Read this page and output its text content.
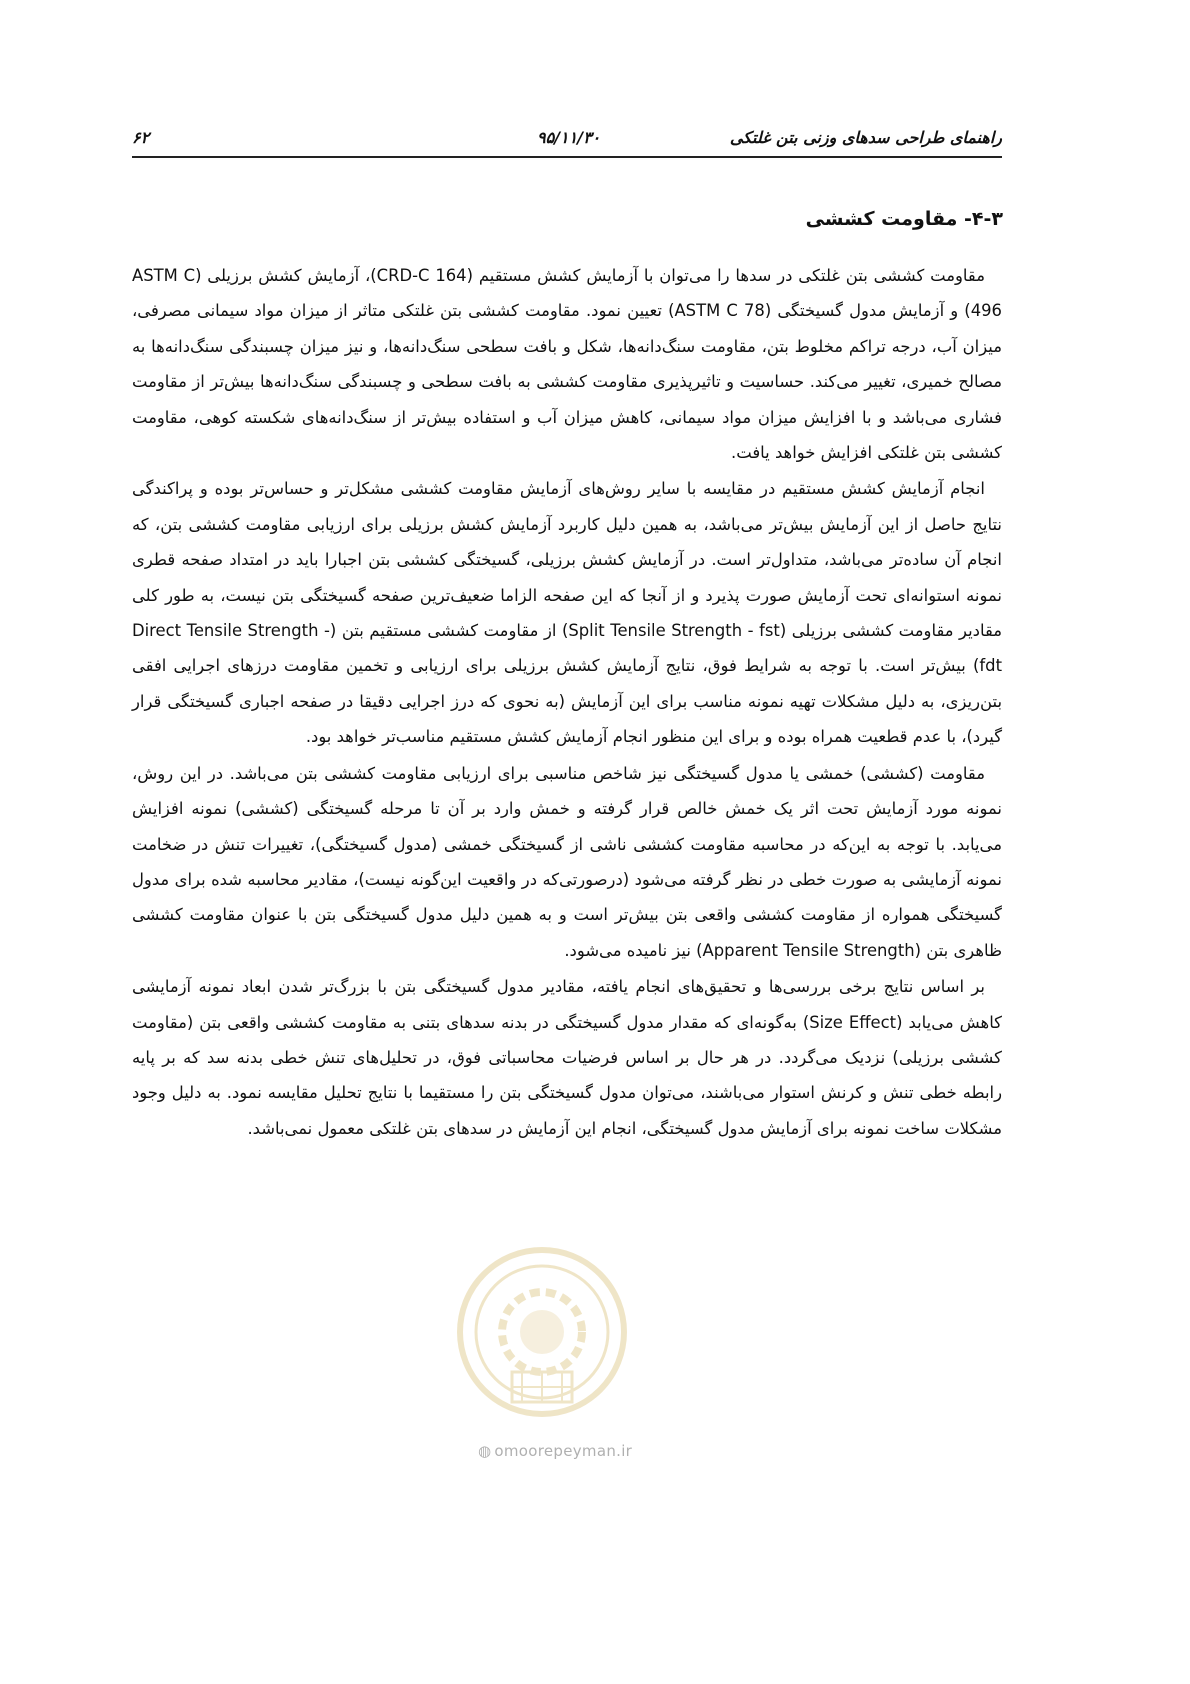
راهنمای طراحی سدهای وزنی بتن غلتکی
۹۵/۱۱/۳۰
۶۲
۴-۳- مقاومت کششی

مقاومت کششی بتن غلتکی در سدها را می‌توان با آزمایش کشش مستقیم (CRD-C 164)، آزمایش کشش برزیلی (ASTM C 496) و آزمایش مدول گسیختگی (ASTM C 78) تعیین نمود. مقاومت کششی بتن غلتکی متاثر از میزان مواد سیمانی مصرفی، میزان آب، درجه تراکم مخلوط بتن، مقاومت سنگ‌دانه‌ها، شکل و بافت سطحی سنگ‌دانه‌ها، و نیز میزان چسبندگی سنگ‌دانه‌ها به مصالح خمیری، تغییر می‌کند. حساسیت و تاثیرپذیری مقاومت کششی به بافت سطحی و چسبندگی سنگ‌دانه‌ها بیش‌تر از مقاومت فشاری می‌باشد و با افزایش میزان مواد سیمانی، کاهش میزان آب و استفاده بیش‌تر از سنگ‌دانه‌های شکسته کوهی، مقاومت کششی بتن غلتکی افزایش خواهد یافت.

انجام آزمایش کشش مستقیم در مقایسه با سایر روش‌های آزمایش مقاومت کششی مشکل‌تر و حساس‌تر بوده و پراکندگی نتایج حاصل از این آزمایش بیش‌تر می‌باشد، به همین دلیل کاربرد آزمایش کشش برزیلی برای ارزیابی مقاومت کششی بتن، که انجام آن ساده‌تر می‌باشد، متداول‌تر است. در آزمایش کشش برزیلی، گسیختگی کششی بتن اجبارا باید در امتداد صفحه قطری نمونه استوانه‌ای تحت آزمایش صورت پذیرد و از آنجا که این صفحه الزاما ضعیف‌ترین صفحه گسیختگی بتن نیست، به طور کلی مقادیر مقاومت کششی برزیلی (Split Tensile Strength - fst) از مقاومت کششی مستقیم بتن (Direct Tensile Strength - fdt) بیش‌تر است. با توجه به شرایط فوق، نتایج آزمایش کشش برزیلی برای ارزیابی و تخمین مقاومت درزهای اجرایی افقی بتن‌ریزی، به دلیل مشکلات تهیه نمونه مناسب برای این آزمایش (به نحوی که درز اجرایی دقیقا در صفحه اجباری گسیختگی قرار گیرد)، با عدم قطعیت همراه بوده و برای این منظور انجام آزمایش کشش مستقیم مناسب‌تر خواهد بود.

مقاومت (کششی) خمشی یا مدول گسیختگی نیز شاخص مناسبی برای ارزیابی مقاومت کششی بتن می‌باشد. در این روش، نمونه مورد آزمایش تحت اثر یک خمش خالص قرار گرفته و خمش وارد بر آن تا مرحله گسیختگی (کششی) نمونه افزایش می‌یابد. با توجه به این‌که در محاسبه مقاومت کششی ناشی از گسیختگی خمشی (مدول گسیختگی)، تغییرات تنش در ضخامت نمونه آزمایشی به صورت خطی در نظر گرفته می‌شود (درصورتی‌که در واقعیت این‌گونه نیست)، مقادیر محاسبه شده برای مدول گسیختگی همواره از مقاومت کششی واقعی بتن بیش‌تر است و به همین دلیل مدول گسیختگی بتن با عنوان مقاومت کششی ظاهری بتن (Apparent Tensile Strength) نیز نامیده می‌شود.

بر اساس نتایج برخی بررسی‌ها و تحقیق‌های انجام یافته، مقادیر مدول گسیختگی بتن با بزرگ‌تر شدن ابعاد نمونه آزمایشی کاهش می‌یابد (Size Effect) به‌گونه‌ای که مقدار مدول گسیختگی در بدنه سدهای بتنی به مقاومت کششی واقعی بتن (مقاومت کششی برزیلی) نزدیک می‌گردد. در هر حال بر اساس فرضیات محاسباتی فوق، در تحلیل‌های تنش خطی بدنه سد که بر پایه رابطه خطی تنش و کرنش استوار می‌باشند، می‌توان مدول گسیختگی بتن را مستقیما با نتایج تحلیل مقایسه نمود. به دلیل وجود مشکلات ساخت نمونه برای آزمایش مدول گسیختگی، انجام این آزمایش در سدهای بتن غلتکی معمول نمی‌باشد.

◍ omoorepeyman.ir
